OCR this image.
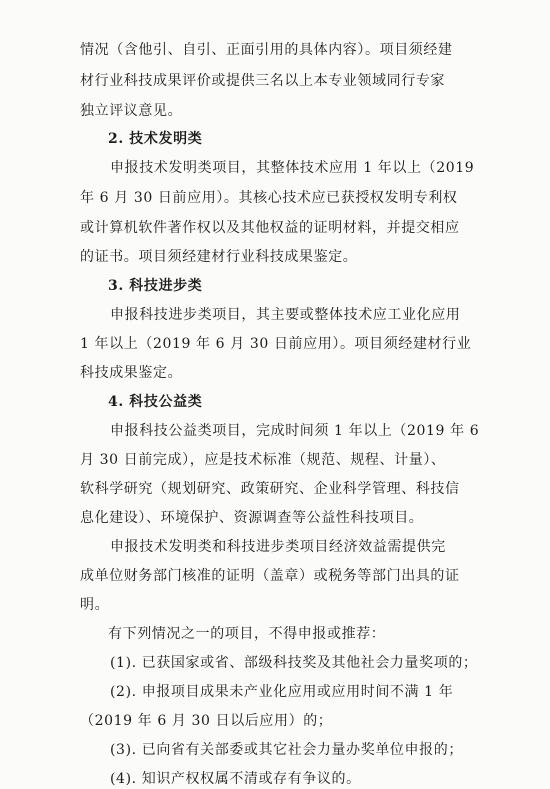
情况（含他引、自引、正面引用的具体内容）。项目须经建
材行业科技成果评价或提供三名以上本专业领域同行专家
独立评议意见。
2. 技术发明类
申报技术发明类项目，其整体技术应用 1 年以上（2019
年 6 月 30 日前应用）。其核心技术应已获授权发明专利权
或计算机软件著作权以及其他权益的证明材料，并提交相应
的证书。项目须经建材行业科技成果鉴定。
3. 科技进步类
申报科技进步类项目，其主要或整体技术应工业化应用
1 年以上（2019 年 6 月 30 日前应用）。项目须经建材行业
科技成果鉴定。
4. 科技公益类
申报科技公益类项目，完成时间须 1 年以上（2019 年 6
月 30 日前完成），应是技术标准（规范、规程、计量）、
软科学研究（规划研究、政策研究、企业科学管理、科技信
息化建设）、环境保护、资源调查等公益性科技项目。
申报技术发明类和科技进步类项目经济效益需提供完
成单位财务部门核准的证明（盖章）或税务等部门出具的证
明。
有下列情况之一的项目，不得申报或推荐：
(1). 已获国家或省、部级科技奖及其他社会力量奖项的；
(2). 申报项目成果未产业化应用或应用时间不满 1 年
（2019 年 6 月 30 日以后应用）的；
(3). 已向省有关部委或其它社会力量办奖单位申报的；
(4). 知识产权权属不清或存有争议的。
